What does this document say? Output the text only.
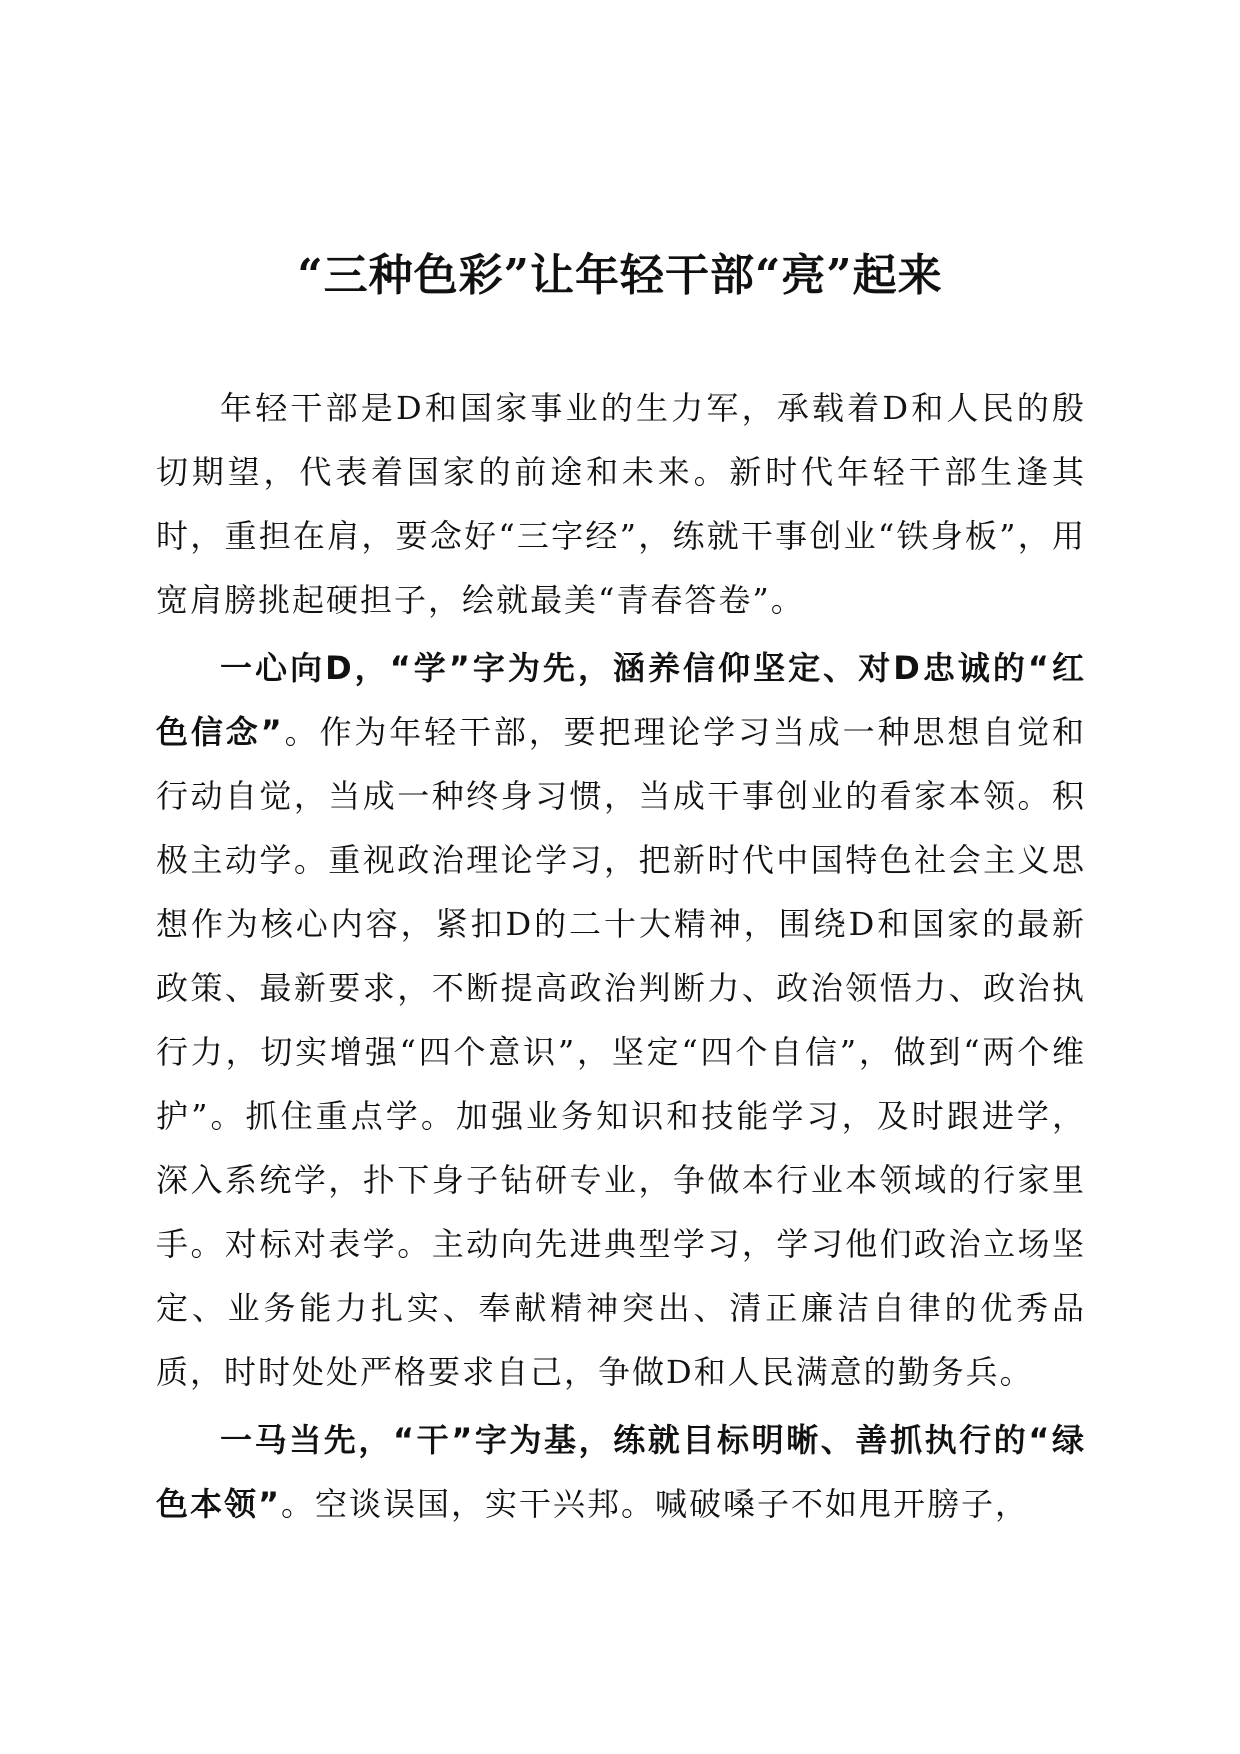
“三种色彩”让年轻干部“亮”起来

年轻干部是D和国家事业的生力军，承载着D和人民的殷切期望，代表着国家的前途和未来。新时代年轻干部生逢其时，重担在肩，要念好“三字经”，练就干事创业“铁身板”，用宽肩膀挑起硬担子，绘就最美“青春答卷”。

一心向D，“学”字为先，涵养信仰坚定、对D忠诚的“红色信念”。作为年轻干部，要把理论学习当成一种思想自觉和行动自觉，当成一种终身习惯，当成干事创业的看家本领。积极主动学。重视政治理论学习，把新时代中国特色社会主义思想作为核心内容，紧扣D的二十大精神，围绕D和国家的最新政策、最新要求，不断提高政治判断力、政治领悟力、政治执行力，切实增强“四个意识”，坚定“四个自信”，做到“两个维护”。抓住重点学。加强业务知识和技能学习，及时跟进学，深入系统学，扑下身子钻研专业，争做本行业本领域的行家里手。对标对表学。主动向先进典型学习，学习他们政治立场坚定、业务能力扎实、奉献精神突出、清正廉洁自律的优秀品质，时时处处严格要求自己，争做D和人民满意的勤务兵。

一马当先，“干”字为基，练就目标明晰、善抓执行的“绿色本领”。空谈误国，实干兴邦。喊破嗓子不如甩开膀子，
